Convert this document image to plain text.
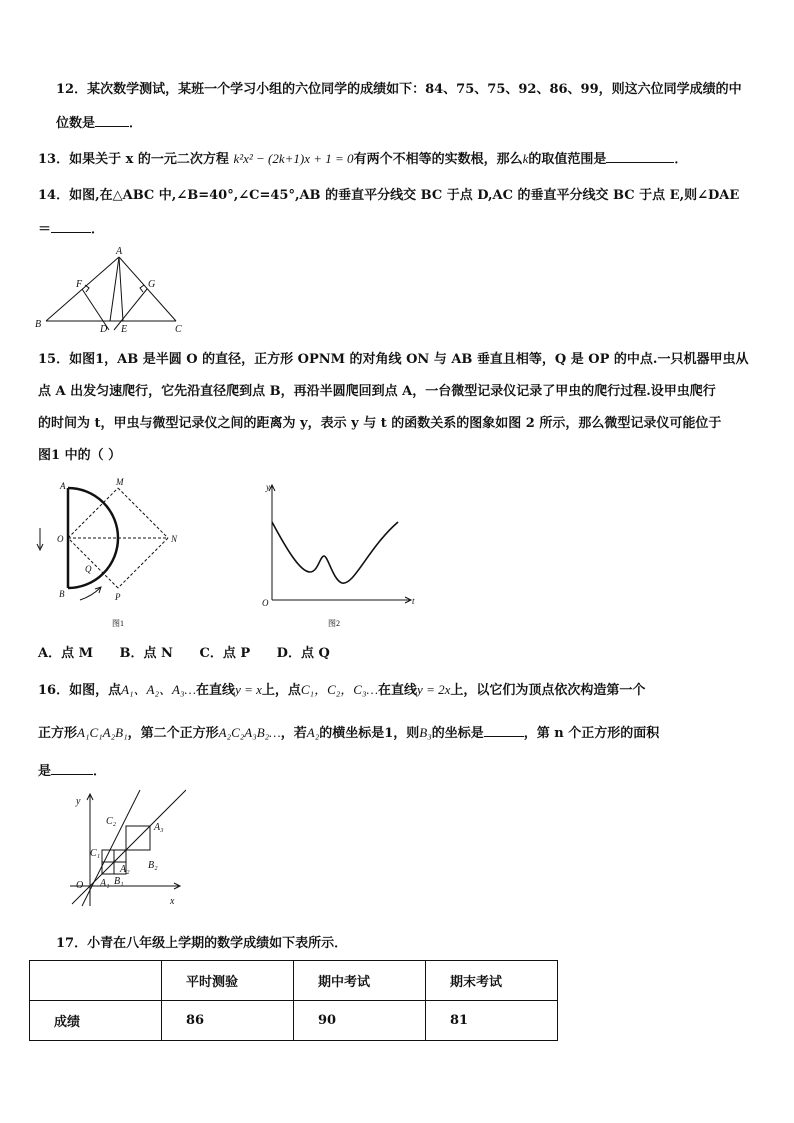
12．某次数学测试，某班一个学习小组的六位同学的成绩如下：84、75、75、92、86、99，则这六位同学成绩的中
位数是	．
13．如果关于 x 的一元二次方程 k²x² − (2k+1)x + 1 = 0有两个不相等的实数根，那么k的取值范围是	．
14．如图,在△ABC 中,∠B=40°,∠C=45°,AB 的垂直平分线交 BC 于点 D,AC 的垂直平分线交 BC 于点 E,则∠DAE
＝	．
A
B	C
D E
F	G
15．如图1，AB 是半圆 O 的直径，正方形 OPNM 的对角线 ON 与 AB 垂直且相等，Q 是 OP 的中点.一只机器甲虫从
点 A 出发匀速爬行，它先沿直径爬到点 B，再沿半圆爬回到点 A，一台微型记录仪记录了甲虫的爬行过程.设甲虫爬行
的时间为 t，甲虫与微型记录仪之间的距离为 y，表示 y 与 t 的函数关系的图象如图 2 所示，那么微型记录仪可能位于
图1 中的（ ）
A	M
O	N
Q
B	P
图1
y
t
O
图2
A．点 M B．点 N C．点 P D．点 Q
16．如图，点A₁、A₂、A₃…在直线y = x上，点C₁，C₂，C₃…在直线y = 2x上，以它们为顶点依次构造第一个
正方形A₁C₁A₂B₁，第二个正方形A₂C₂A₃B₂…，若A₂的横坐标是1，则B₃的坐标是	，第 n 个正方形的面积
是	．
y
x
O
C₂
A₃
C₁
A₂ B₂
A₁ B₁
17．小青在八年级上学期的数学成绩如下表所示．
	平时测验	期中考试	期末考试
成绩	86	90	81
